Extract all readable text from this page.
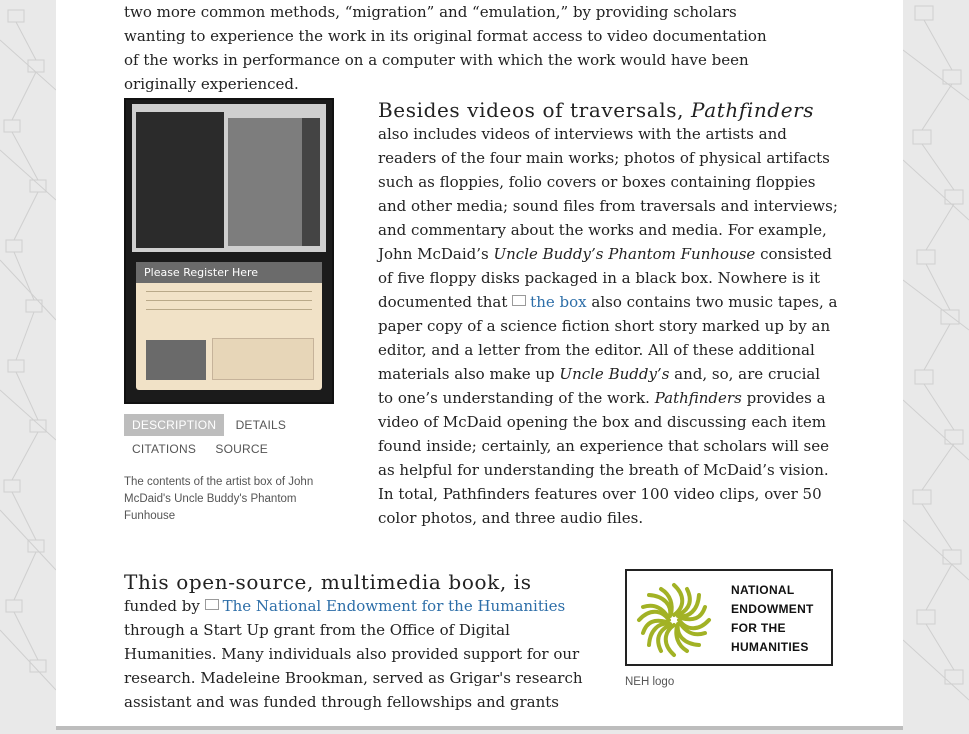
two more common methods, “migration” and “emulation,” by providing scholars wanting to experience the work in its original format access to video documentation of the works in performance on a computer with which the work would have been originally experienced.

Please Register Here
DESCRIPTION DETAILS
CITATIONS SOURCE
The contents of the artist box of John McDaid's Uncle Buddy's Phantom Funhouse
Besides videos of traversals, Pathfinders

also includes videos of interviews with the artists and readers of the four main works; photos of physical artifacts such as floppies, folio covers or boxes containing floppies and other media; sound files from traversals and interviews; and commentary about the works and media. For example, John McDaid’s Uncle Buddy’s Phantom Funhouse consisted of five floppy disks packaged in a black box. Nowhere is it documented that the box also contains two music tapes, a paper copy of a science fiction short story marked up by an editor, and a letter from the editor. All of these additional materials also make up Uncle Buddy’s and, so, are crucial to one’s understanding of the work. Pathfinders provides a video of McDaid opening the box and discussing each item found inside; certainly, an experience that scholars will see as helpful for understanding the breath of McDaid’s vision. In total, Pathfinders features over 100 video clips, over 50 color photos, and three audio files.

This open-source, multimedia book, is

funded by The National Endowment for the Humanities through a Start Up grant from the Office of Digital Humanities. Many individuals also provided support for our research. Madeleine Brookman, served as Grigar's research assistant and was funded through fellowships and grants

NATIONAL
ENDOWMENT
FOR THE
HUMANITIES
NEH logo
